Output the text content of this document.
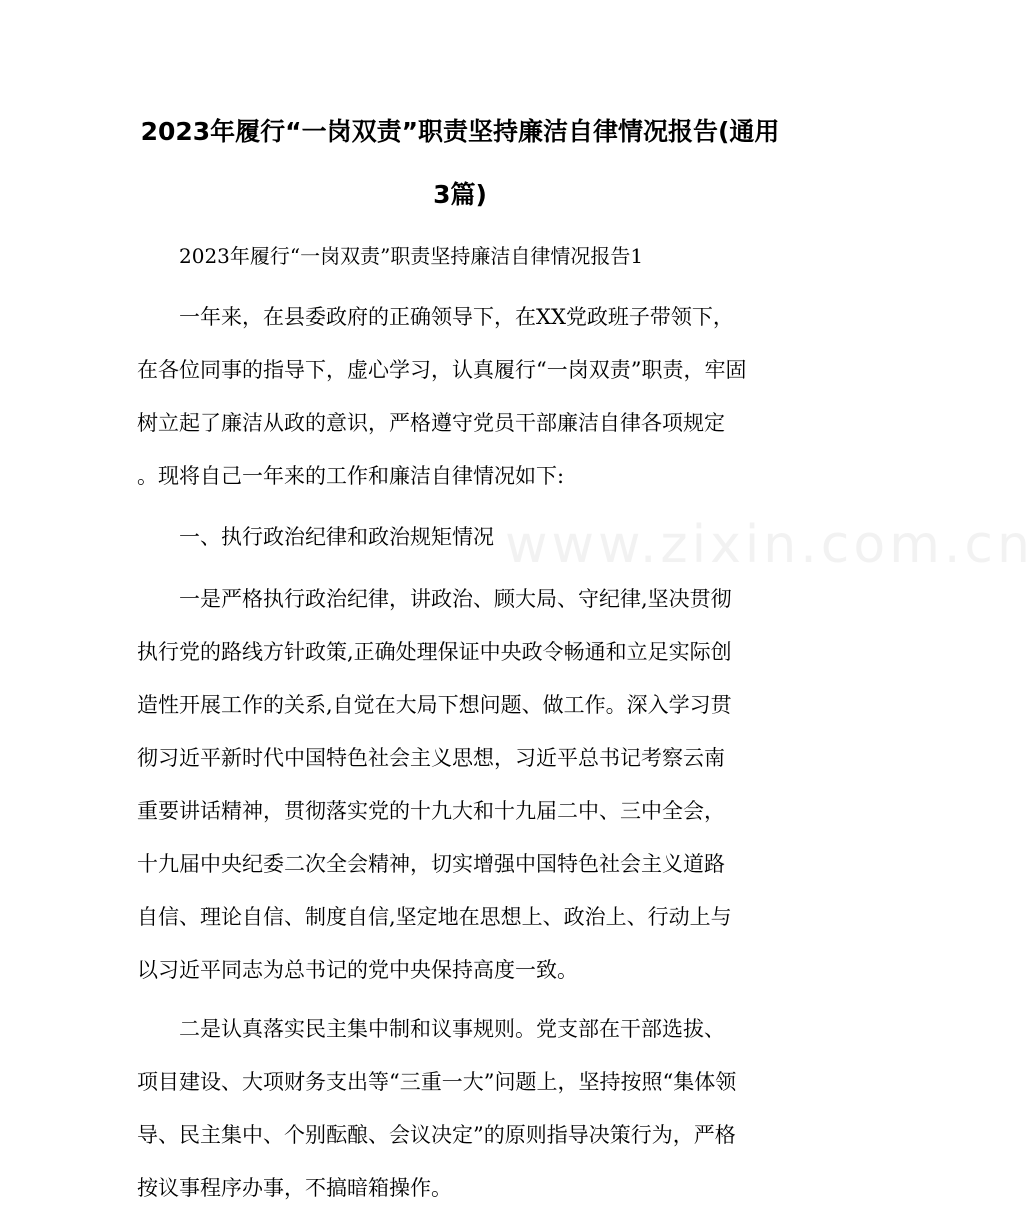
2023年履行“一岗双责”职责坚持廉洁自律情况报告(通用
3篇)
2023年履行“一岗双责”职责坚持廉洁自律情况报告1
一年来，在县委政府的正确领导下，在XX党政班子带领下，
在各位同事的指导下，虚心学习，认真履行“一岗双责”职责，牢固
树立起了廉洁从政的意识，严格遵守党员干部廉洁自律各项规定
。现将自己一年来的工作和廉洁自律情况如下:
一、执行政治纪律和政治规矩情况
一是严格执行政治纪律，讲政治、顾大局、守纪律,坚决贯彻
执行党的路线方针政策,正确处理保证中央政令畅通和立足实际创
造性开展工作的关系,自觉在大局下想问题、做工作。深入学习贯
彻习近平新时代中国特色社会主义思想，习近平总书记考察云南
重要讲话精神，贯彻落实党的十九大和十九届二中、三中全会，
十九届中央纪委二次全会精神，切实增强中国特色社会主义道路
自信、理论自信、制度自信,坚定地在思想上、政治上、行动上与
以习近平同志为总书记的党中央保持高度一致。
二是认真落实民主集中制和议事规则。党支部在干部选拔、
项目建设、大项财务支出等“三重一大”问题上，坚持按照“集体领
导、民主集中、个别酝酿、会议决定”的原则指导决策行为，严格
按议事程序办事，不搞暗箱操作。
www.zixin.com.cn
